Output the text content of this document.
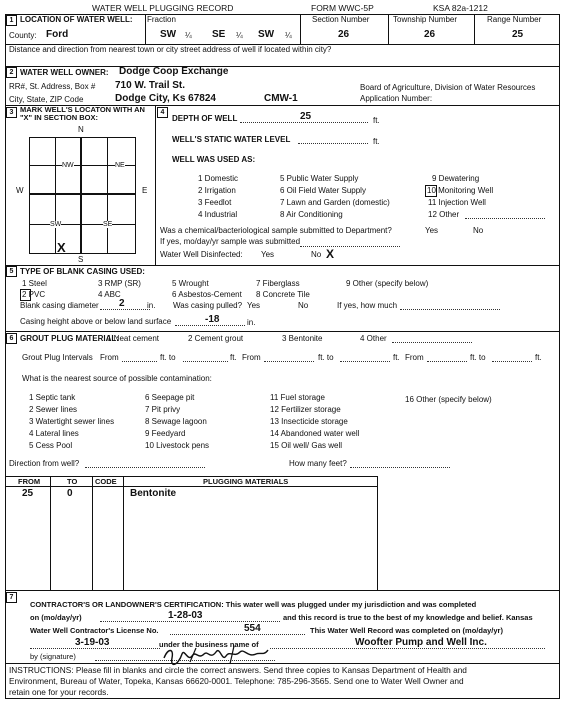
WATER WELL PLUGGING RECORD	FORM WWC-5P	KSA 82a-1212
1 LOCATION OF WATER WELL: Fraction	Section Number	Township Number	Range Number
County: Ford	SW ¼ SE ¼ SW ¼	26	26	25
Distance and direction from nearest town or city street address of well if located within city?
2 WATER WELL OWNER: Dodge Coop Exchange
RR#, St. Address, Box # 710 W. Trail St.
City, State, ZIP Code	Dodge City, Ks 67824	CMW-1
Board of Agriculture, Division of Water Resources
Application Number:
3 MARK WELL'S LOCATON WITH AN
"X" IN SECTION BOX:
N
S
W	E
NW	NE
SW	SE
X
4
DEPTH OF WELL	25	ft.
WELL'S STATIC WATER LEVEL	ft.
WELL WAS USED AS:
1 Domestic	5 Public Water Supply	9 Dewatering
2 Irrigation	6 Oil Field Water Supply	10 Monitoring Well
3 Feedlot	7 Lawn and Garden (domestic)	11 Injection Well
4 Industrial	8 Air Conditioning	12 Other
Was a chemical/bacteriological sample submitted to Department?	Yes	No
If yes, mo/day/yr sample was submitted
Water Well Disinfected: Yes	No X
5 TYPE OF BLANK CASING USED:
1 Steel	3 RMP (SR)	5 Wrought	7 Fiberglass	9 Other (specify below)
2 PVC	4 ABC	6 Asbestos-Cement 8 Concrete Tile
Blank casing diameter 2	in. Was casing pulled? Yes	No	If yes, how much
Casing height above or below land surface	-18	in.
6 GROUT PLUG MATERIAL:
1 Neat cement	2 Cement grout	3 Bentonite	4 Other
Grout Plug Intervals From	ft. to	ft. From	ft. to	ft. From	ft. to	ft.
What is the nearest source of possible contamination:
1 Septic tank	6 Seepage pit	11 Fuel storage	16 Other (specify below)
2 Sewer lines	7 Pit privy	12 Fertilizer storage
3 Watertight sewer lines	8 Sewage lagoon	13 Insecticide storage
4 Lateral lines	9 Feedyard	14 Abandoned water well
5 Cess Pool	10 Livestock pens	15 Oil well/ Gas well
Direction from well?	How many feet?
FROM	TO CODE	PLUGGING MATERIALS
25	0	Bentonite
7
CONTRACTOR'S OR LANDOWNER'S CERTIFICATION: This water well was plugged under my jurisdiction and was completed
on (mo/day/yr)	1-28-03	and this record is true to the best of my knowledge and belief. Kansas
Water Well Contractor's License No.	554	This Water Well Record was completed on (mo/day/yr)
3-19-03	under the business name of	Woofter Pump and Well Inc.
by (signature)
INSTRUCTIONS: Please fill in blanks and circle the correct answers. Send three copies to Kansas Department of Health and
Environment, Bureau of Water, Topeka, Kansas 66620-0001. Telephone: 785-296-3565. Send one to Water Well Owner and
retain one for your records.
